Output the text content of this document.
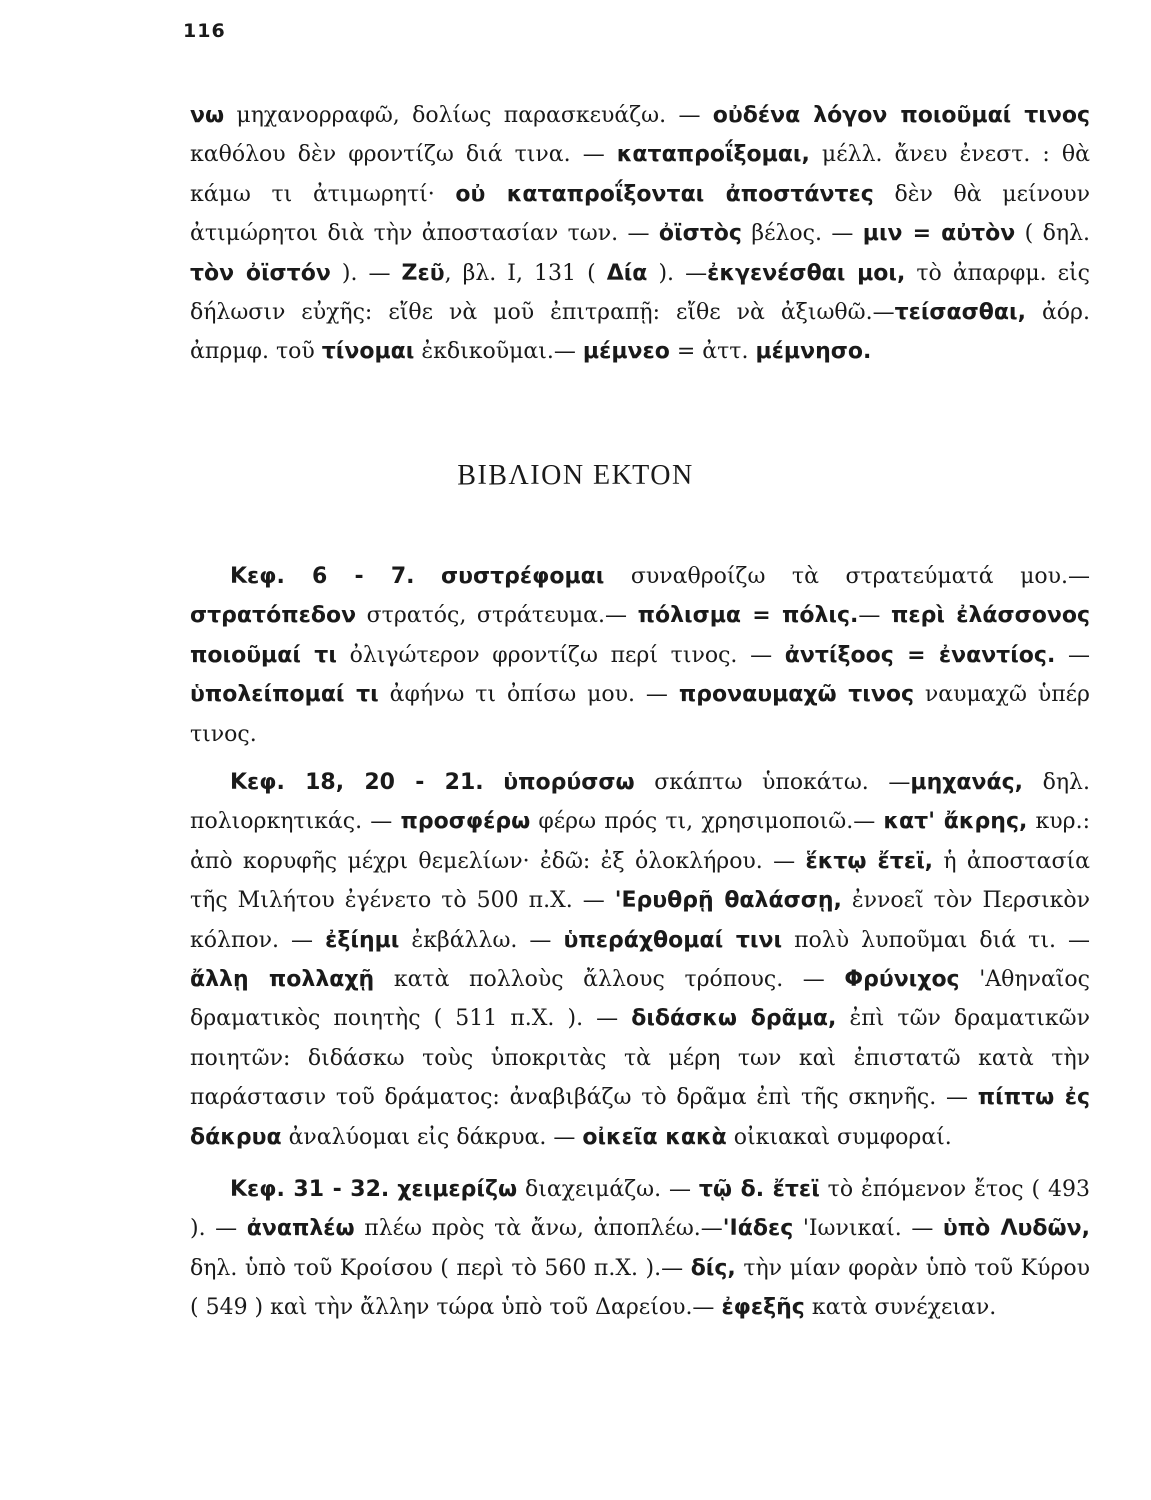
116
νω μηχανορραφῶ, δολίως παρασκευάζω. — οὐδένα λόγον ποιοῦμαί τινος καθόλου δὲν φροντίζω διά τινα. — καταπροΐξομαι, μέλλ. ἄνευ ἐνεστ. : θὰ κάμω τι ἀτιμωρητί· οὐ καταπροΐξονται ἀποστάντες δὲν θὰ μείνουν ἀτιμώρητοι διὰ τὴν ἀποστασίαν των. — ὀϊστὸς βέλος. — μιν = αὐτὸν ( δηλ. τὸν ὀϊστόν ). — Ζεῦ, βλ. I, 131 ( Δία ). —ἐκγενέσθαι μοι, τὸ ἀπαρφμ. εἰς δήλωσιν εὐχῆς: εἴθε νὰ μοῦ ἐπιτραπῇ: εἴθε νὰ ἀξιωθῶ.—τείσασθαι, ἀόρ. ἀπρμφ. τοῦ τίνομαι ἐκδικοῦμαι.— μέμνεο = ἀττ. μέμνησο.
ΒΙΒΛΙΟΝ ΕΚΤΟΝ
Κεφ. 6 - 7. συστρέφομαι συναθροίζω τὰ στρατεύματά μου.— στρατόπεδον στρατός, στράτευμα.— πόλισμα = πόλις.— περὶ ἐλάσσονος ποιοῦμαί τι ὀλιγώτερον φροντίζω περί τινος. — ἀντίξοος = ἐναντίος. — ὑπολείπομαί τι ἀφήνω τι ὀπίσω μου. — προναυμαχῶ τινος ναυμαχῶ ὑπέρ τινος.
Κεφ. 18, 20 - 21. ὑπορύσσω σκάπτω ὑποκάτω. —μηχανάς, δηλ. πολιορκητικάς. — προσφέρω φέρω πρός τι, χρησιμοποιῶ.— κατ' ἄκρης, κυρ.: ἀπὸ κορυφῆς μέχρι θεμελίων· ἐδῶ: ἐξ ὁλοκλήρου. — ἕκτῳ ἔτεϊ, ἡ ἀποστασία τῆς Μιλήτου ἐγένετο τὸ 500 π.Χ. — 'Ερυθρῇ θαλάσσῃ, ἐννοεῖ τὸν Περσικὸν κόλπον. — ἐξίημι ἐκβάλλω. — ὑπεράχθομαί τινι πολὺ λυποῦμαι διά τι. — ἄλλῃ πολλαχῇ κατὰ πολλοὺς ἄλλους τρόπους. — Φρύνιχος 'Αθηναῖος δραματικὸς ποιητὴς ( 511 π.Χ. ). — διδάσκω δρᾶμα, ἐπὶ τῶν δραματικῶν ποιητῶν: διδάσκω τοὺς ὑποκριτὰς τὰ μέρη των καὶ ἐπιστατῶ κατὰ τὴν παράστασιν τοῦ δράματος: ἀναβιβάζω τὸ δρᾶμα ἐπὶ τῆς σκηνῆς. — πίπτω ἐς δάκρυα ἀναλύομαι εἰς δάκρυα. — οἰκεῖα κακὰ οἰκιακαὶ συμφοραί.
Κεφ. 31 - 32. χειμερίζω διαχειμάζω. — τῷ δ. ἔτεϊ τὸ ἐπόμενον ἔτος ( 493 ). — ἀναπλέω πλέω πρὸς τὰ ἄνω, ἀποπλέω.—'Ιάδες 'Ιωνικαί. — ὑπὸ Λυδῶν, δηλ. ὑπὸ τοῦ Κροίσου ( περὶ τὸ 560 π.Χ. ).— δίς, τὴν μίαν φορὰν ὑπὸ τοῦ Κύρου ( 549 ) καὶ τὴν ἄλλην τώρα ὑπὸ τοῦ Δαρείου.— ἐφεξῆς κατὰ συνέχειαν.
